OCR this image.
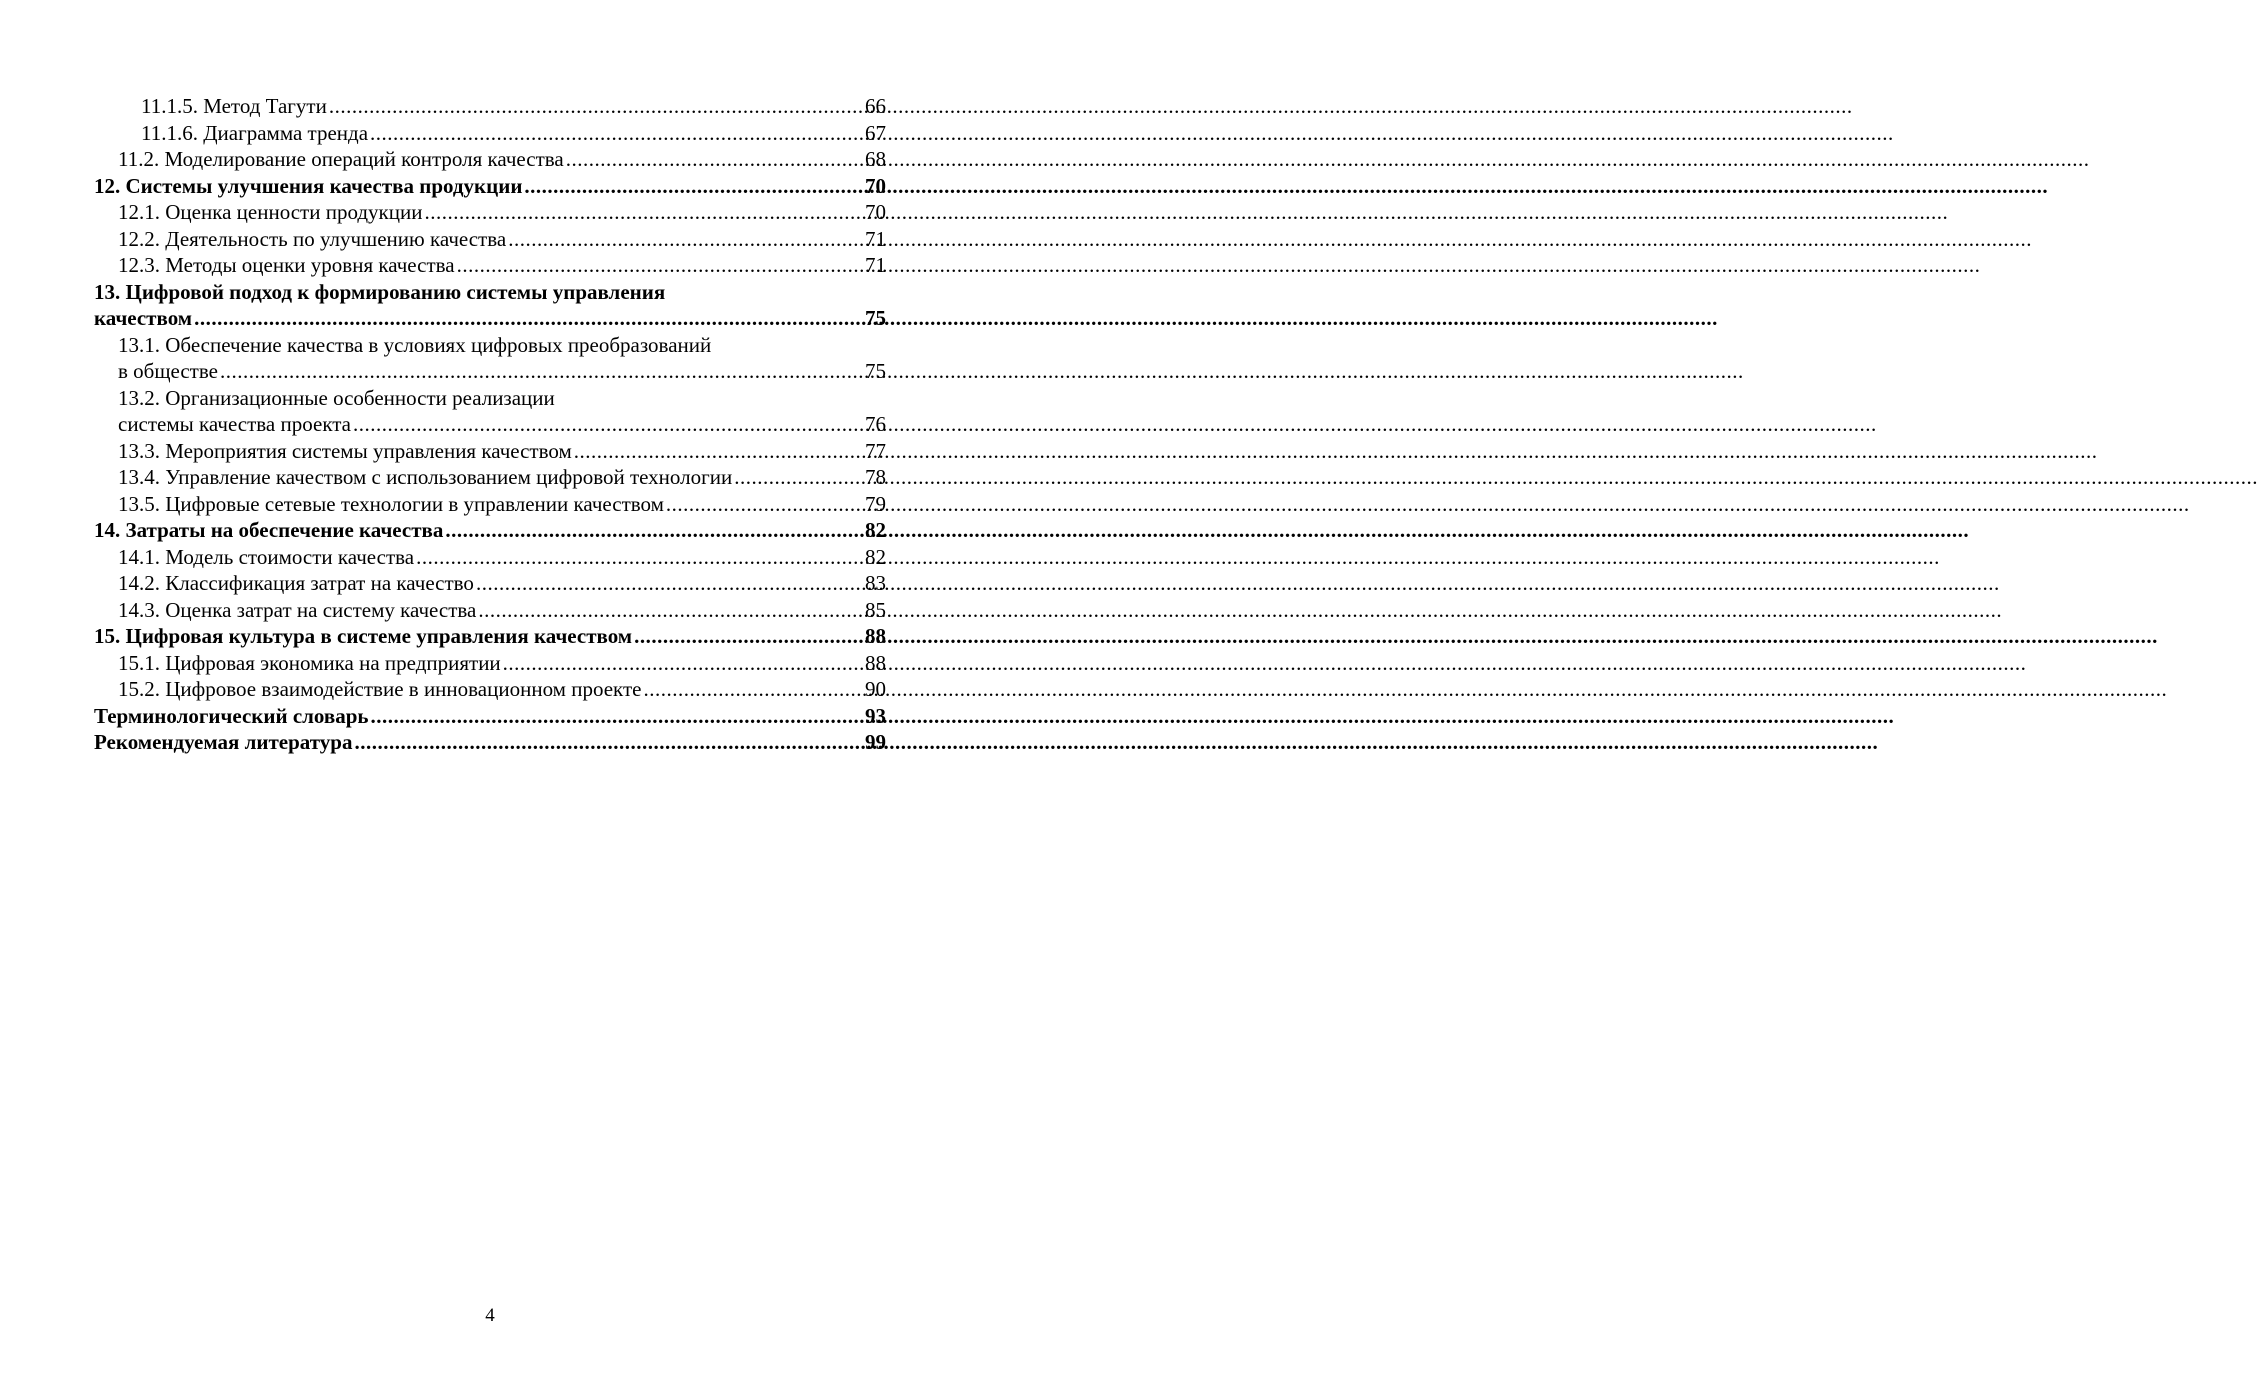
11.1.5. Метод Тагути .....	66
11.1.6. Диаграмма тренда .....	67
11.2. Моделирование операций контроля качества .....	68
12. Системы улучшения качества продукции .....	70
12.1. Оценка ценности продукции .....	70
12.2. Деятельность по улучшению качества .....	71
12.3. Методы оценки уровня качества .....	71
13. Цифровой подход к формированию системы управления
качеством .....	75
13.1. Обеспечение качества в условиях цифровых преобразований
в обществе .....	75
13.2. Организационные особенности реализации
системы качества проекта .....	76
13.3. Мероприятия системы управления качеством .....	77
13.4. Управление качеством с использованием цифровой технологии .....	78
13.5. Цифровые сетевые технологии в управлении качеством .....	79
14. Затраты на обеспечение качества .....	82
14.1. Модель стоимости качества .....	82
14.2. Классификация затрат на качество .....	83
14.3. Оценка затрат на систему качества .....	85
15. Цифровая культура в системе управления качеством .....	88
15.1. Цифровая экономика на предприятии .....	88
15.2. Цифровое взаимодействие в инновационном проекте .....	90
Терминологический словарь .....	93
Рекомендуемая литература .....	99
4
